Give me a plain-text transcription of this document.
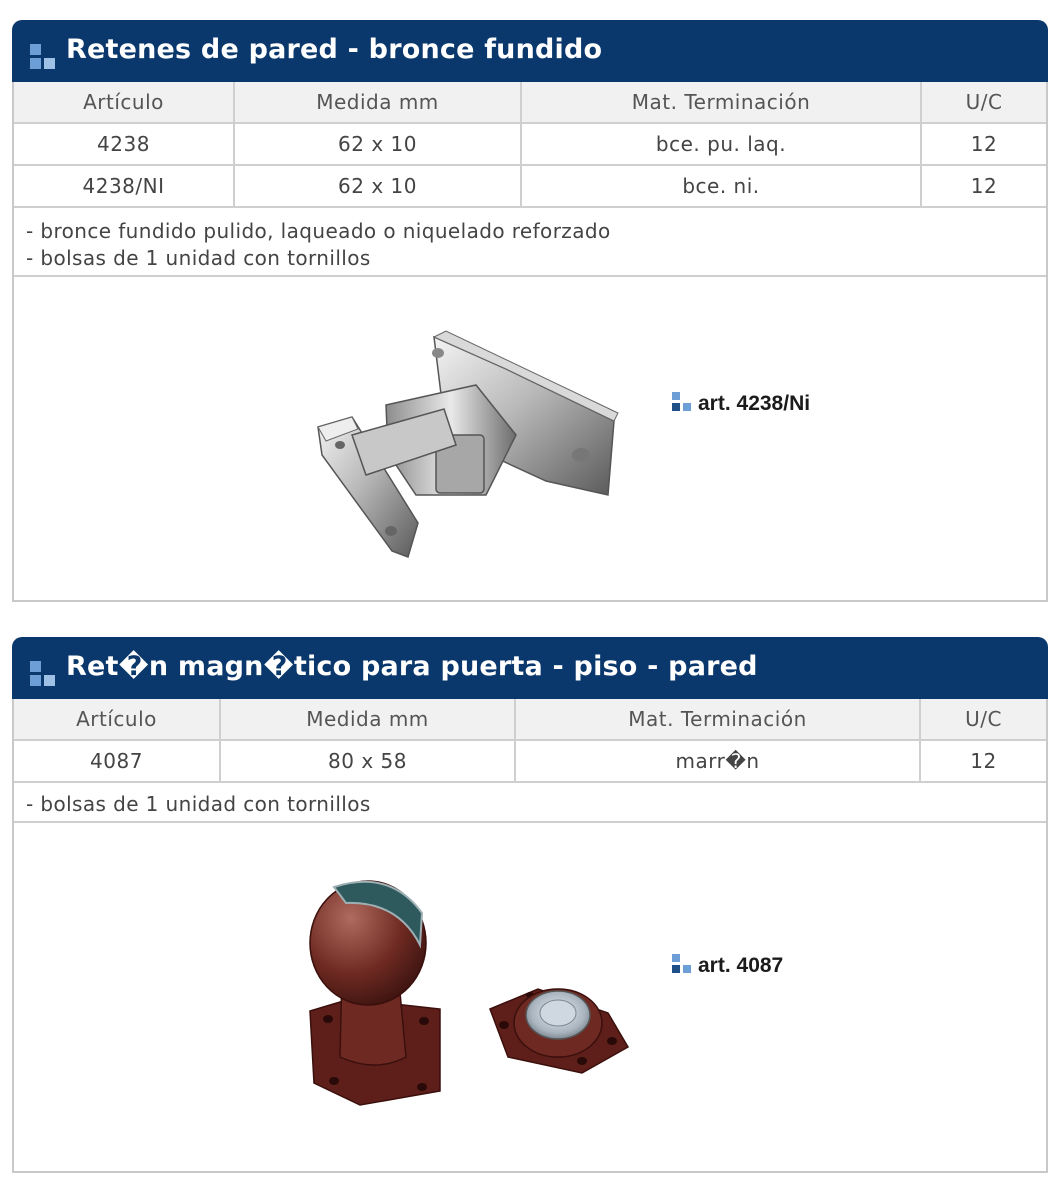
Retenes de pared - bronce fundido
Artículo	Medida mm	Mat. Terminación	U/C
4238	62 x 10	bce. pu. laq.	12
4238/NI	62 x 10	bce. ni.	12
- bronce fundido pulido, laqueado o niquelado reforzado
- bolsas de 1 unidad con tornillos
art. 4238/Ni
Ret�n magn�tico para puerta - piso - pared
Artículo	Medida mm	Mat. Terminación	U/C
4087	80 x 58	marr�n	12
- bolsas de 1 unidad con tornillos
art. 4087
